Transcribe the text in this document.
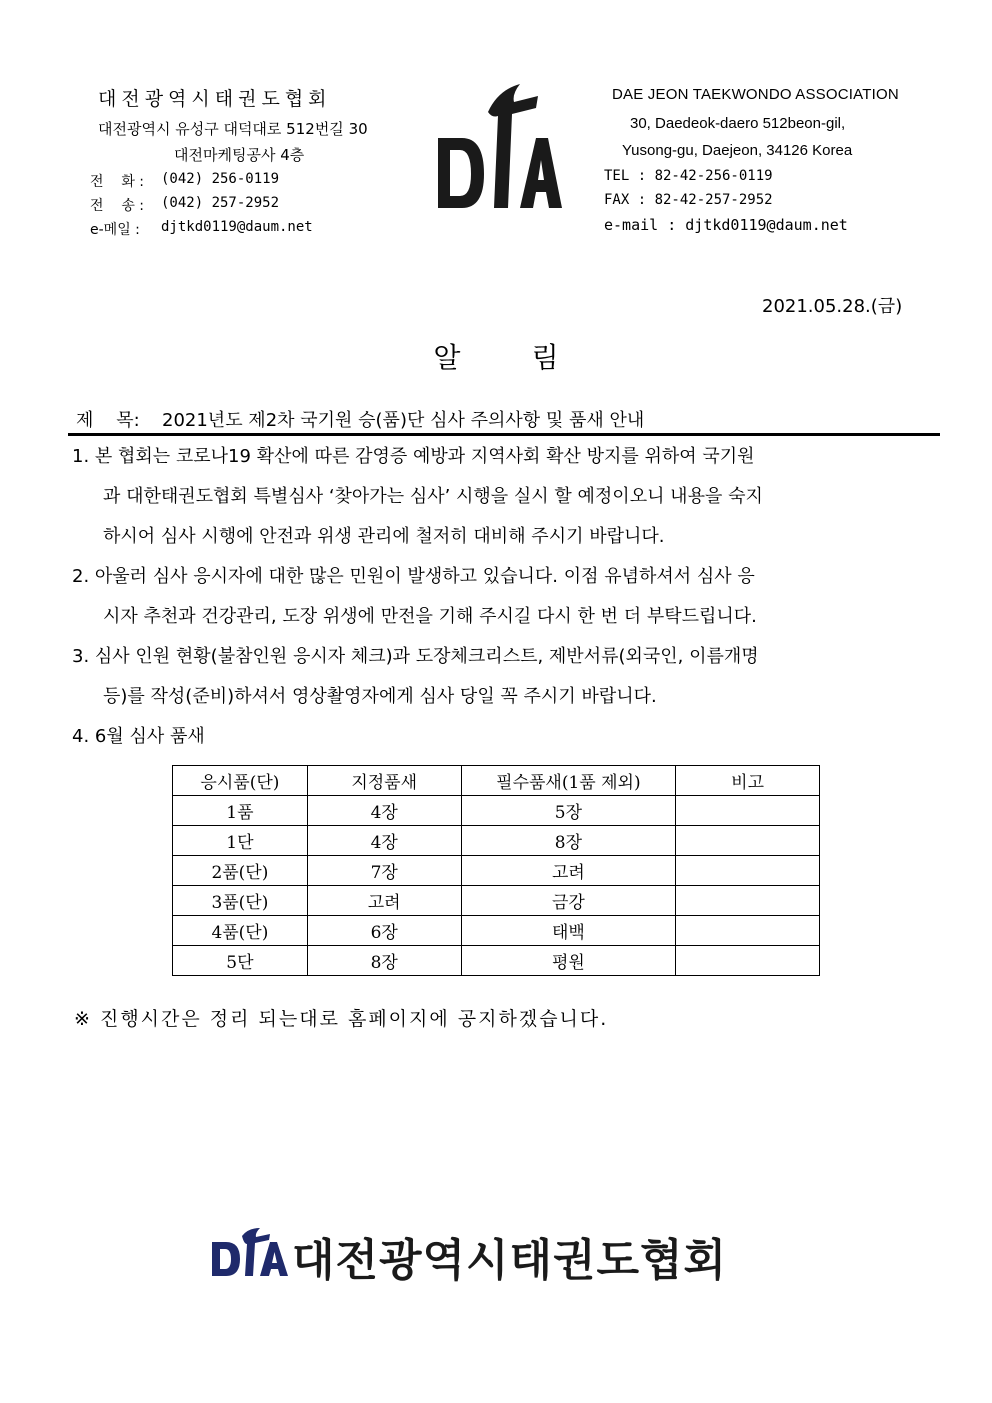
대전광역시태권도협회
대전광역시 유성구 대덕대로 512번길 30
대전마케팅공사 4층
전    화 :	(042) 256-0119
전    송 :	(042) 257-2952
e-메일 : djtkd0119@daum.net
DAE JEON TAEKWONDO ASSOCIATION
30, Daedeok-daero 512beon-gil,
Yusong-gu, Daejeon, 34126 Korea
TEL : 82-42-256-0119
FAX : 82-42-257-2952
e-mail : djtkd0119@daum.net
2021.05.28.(금)
알        림
제    목: 2021년도 제2차 국기원 승(품)단 심사 주의사항 및 품새 안내
1. 본 협회는 코로나19 확산에 따른 감영증 예방과 지역사회 확산 방지를 위하여 국기원
과 대한태권도협회 특별심사 ‘찾아가는 심사’ 시행을 실시 할 예정이오니 내용을 숙지
하시어 심사 시행에 안전과 위생 관리에 철저히 대비해 주시기 바랍니다.
2. 아울러 심사 응시자에 대한 많은 민원이 발생하고 있습니다. 이점 유념하셔서 심사 응
시자 추천과 건강관리, 도장 위생에 만전을 기해 주시길 다시 한 번 더 부탁드립니다.
3. 심사 인원 현황(불참인원 응시자 체크)과 도장체크리스트, 제반서류(외국인, 이름개명
등)를 작성(준비)하셔서 영상촬영자에게 심사 당일 꼭 주시기 바랍니다.
4. 6월 심사 품새
응시품(단)	지정품새	필수품새(1품 제외)	비고
1품	4장	5장	
1단	4장	8장	
2품(단)	7장	고려	
3품(단)	고려	금강	
4품(단)	6장	태백	
5단	8장	평원	
※ 진행시간은 정리 되는대로 홈페이지에 공지하겠습니다.
대전광역시태권도협회
